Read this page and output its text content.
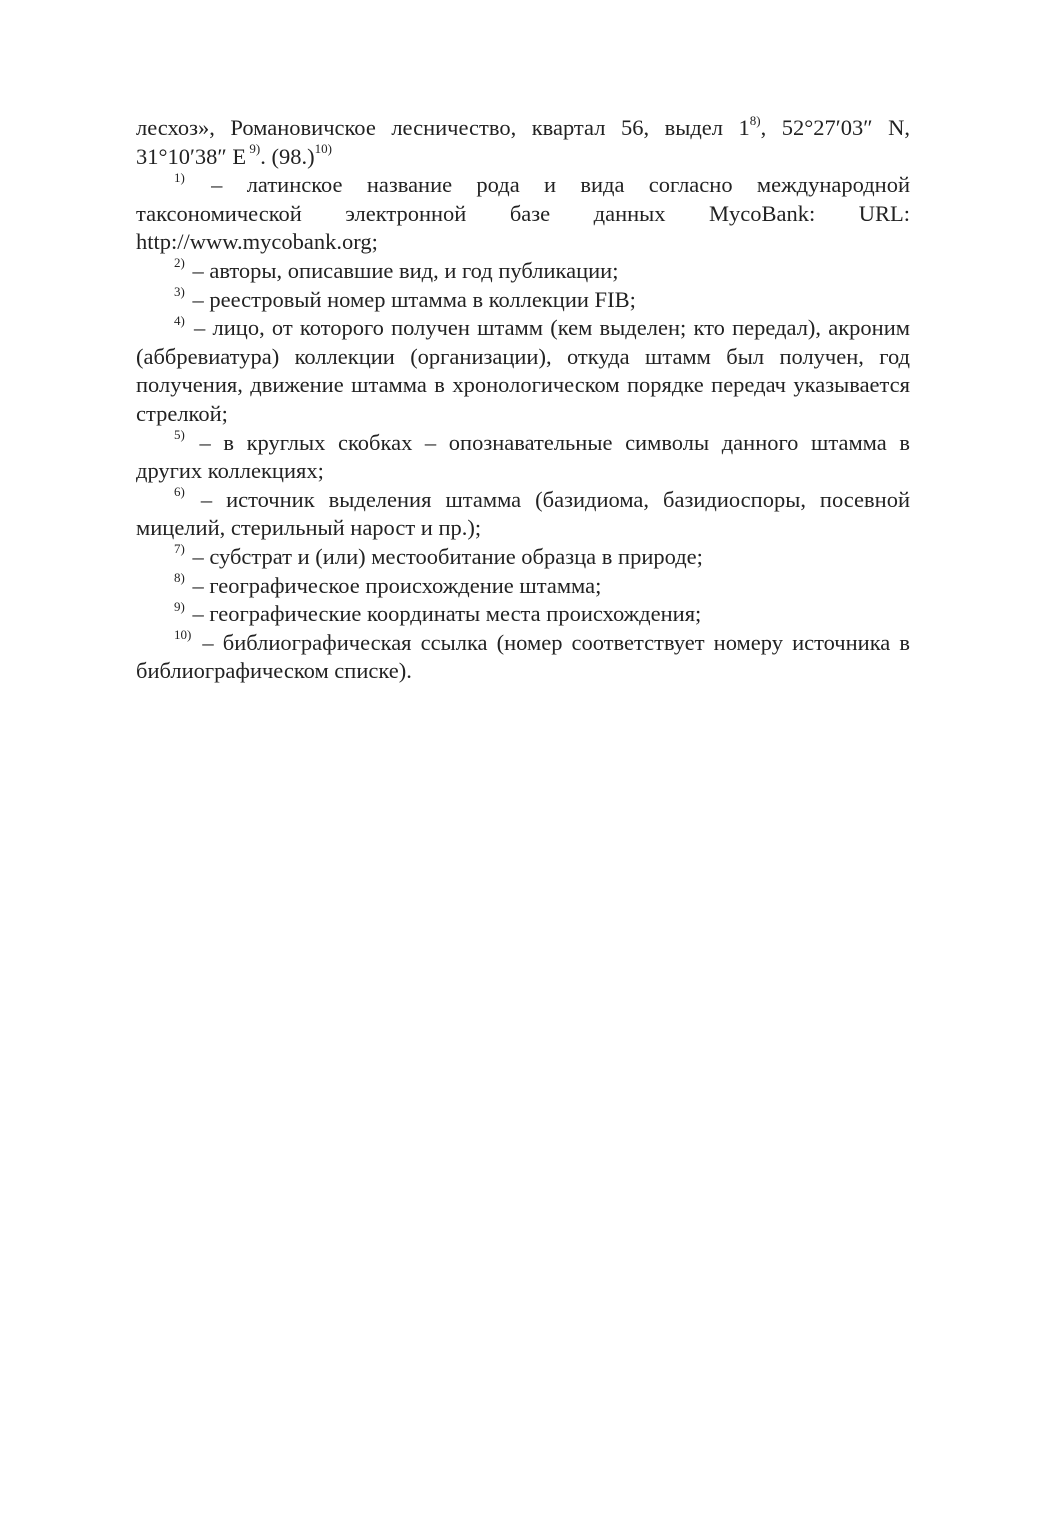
лесхоз», Романовичское лесничество, квартал 56, выдел 1$^{8)}$, 52°27′03″ N, 31°10′38″ E $^{9)}$. $(98.)^{10)}$

$^{1)}$ – латинское название рода и вида согласно международной таксономической электронной базе данных MycoBank: URL: http://www.mycobank.org;

$^{2)}$ – авторы, описавшие вид, и год публикации;

$^{3)}$ – реестровый номер штамма в коллекции FIB;

$^{4)}$ – лицо, от которого получен штамм (кем выделен; кто передал), акроним (аббревиатура) коллекции (организации), откуда штамм был получен, год получения, движение штамма в хронологическом порядке передач указывается стрелкой;

$^{5)}$ – в круглых скобках – опознавательные символы данного штамма в других коллекциях;

$^{6)}$ – источник выделения штамма (базидиома, базидиоспоры, посевной мицелий, стерильный нарост и пр.);

$^{7)}$ – субстрат и (или) местообитание образца в природе;

$^{8)}$ – географическое происхождение штамма;

$^{9)}$ – географические координаты места происхождения;

$^{10)}$ – библиографическая ссылка (номер соответствует номеру источника в библиографическом списке).
